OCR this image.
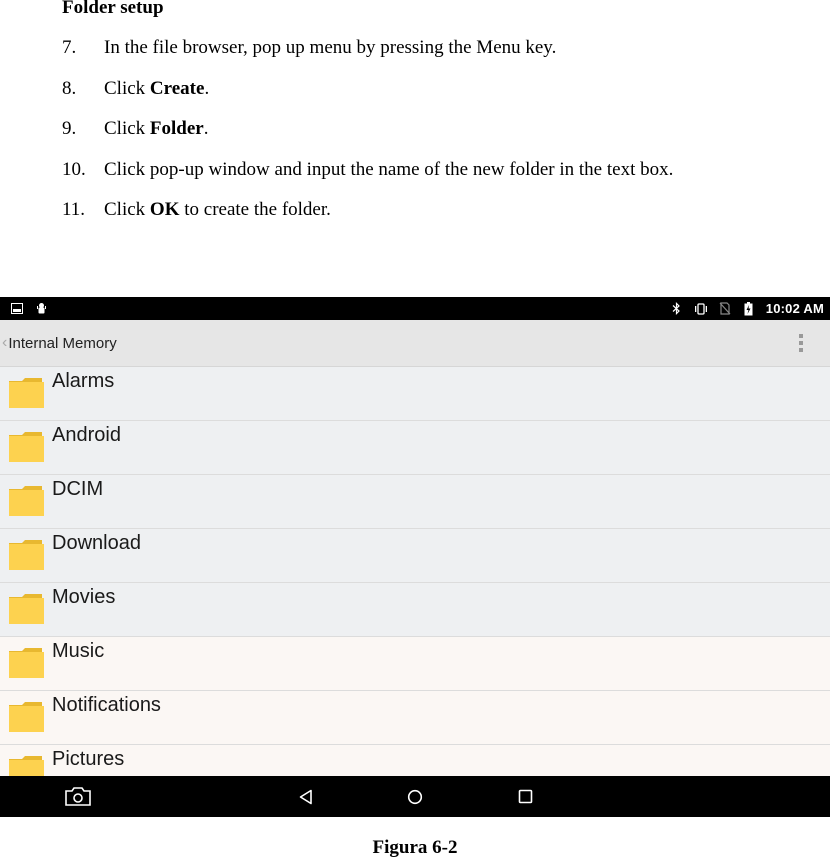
Folder setup
7.	In the file browser, pop up menu by pressing the Menu key.
8.	Click Create.
9.	Click Folder.
10. Click pop-up window and input the name of the new folder in the text box.
11. Click OK to create the folder.
10:02 AM
‹ Internal Memory
Alarms
Android
DCIM
Download
Movies
Music
Notifications
Pictures
Figura 6-2
